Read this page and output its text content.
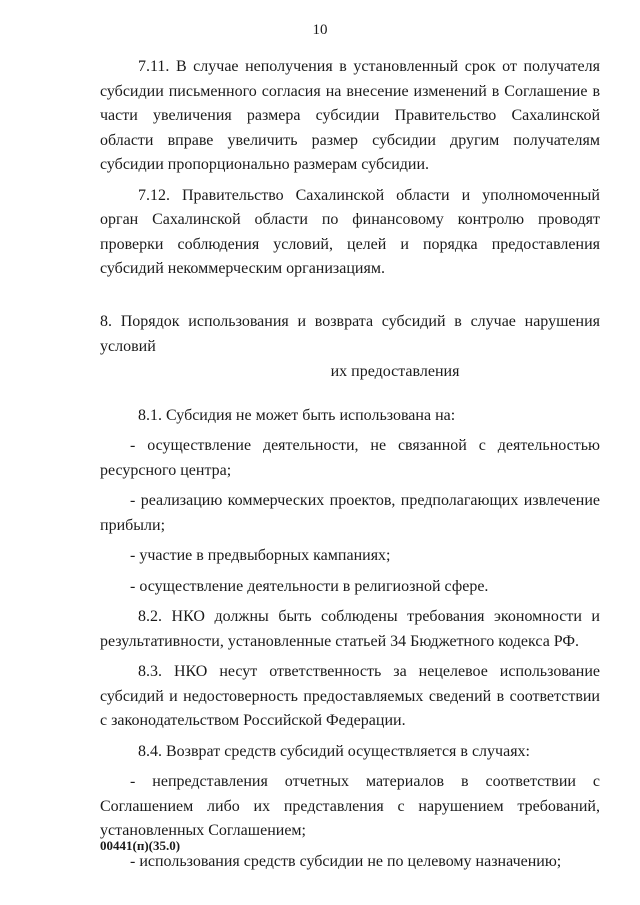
10

7.11. В случае неполучения в установленный срок от получателя субсидии письменного согласия на внесение изменений в Соглашение в части увеличения размера субсидии Правительство Сахалинской области вправе увеличить размер субсидии другим получателям субсидии пропорционально размерам субсидии.

7.12. Правительство Сахалинской области и уполномоченный орган Сахалинской области по финансовому контролю проводят проверки соблюдения условий, целей и порядка предоставления субсидий некоммерческим организациям.

8. Порядок использования и возврата субсидий в случае нарушения условий
их предоставления

8.1. Субсидия не может быть использована на:

- осуществление деятельности, не связанной с деятельностью ресурсного центра;

- реализацию коммерческих проектов, предполагающих извлечение прибыли;

- участие в предвыборных кампаниях;

- осуществление деятельности в религиозной сфере.

8.2. НКО должны быть соблюдены требования экономности и результативности, установленные статьей 34 Бюджетного кодекса РФ.

8.3. НКО несут ответственность за нецелевое использование субсидий и недостоверность предоставляемых сведений в соответствии с законодательством Российской Федерации.

8.4. Возврат средств субсидий осуществляется в случаях:

- непредставления отчетных материалов в соответствии с Соглашением либо их представления с нарушением требований, установленных Соглашением;

- использования средств субсидии не по целевому назначению;

00441(п)(35.0)
